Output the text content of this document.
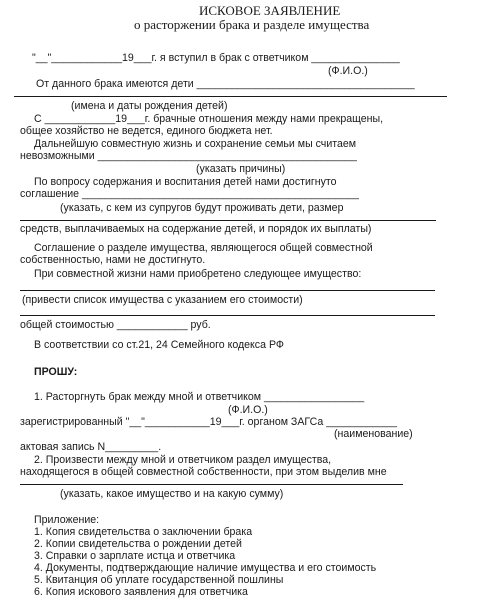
ИСКОВОЕ ЗАЯВЛЕНИЕ
о расторжении брака и разделе имущества
"__"____________19___г. я вступил в брак с ответчиком _______________
(Ф.И.О.)
От данного брака имеются дети _____________________________________
(имена и даты рождения детей)
С ____________19___г. брачные отношения между нами прекращены,
общее хозяйство не ведется, единого бюджета нет.
Дальнейшую совместную жизнь и сохранение семьи мы считаем
невозможными ____________________________________________
(указать причины)
По вопросу содержания и воспитания детей нами достигнуто
соглашение _______________________________________________
(указать, с кем из супругов будут проживать дети, размер
средств, выплачиваемых на содержание детей, и порядок их выплаты)
Соглашение о разделе имущества, являющегося общей совместной
собственностью, нами не достигнуто.
При совместной жизни нами приобретено следующее имущество:
(привести список имущества с указанием его стоимости)
общей стоимостью ____________ руб.
В соответствии со ст.21, 24 Семейного кодекса РФ
ПРОШУ:
1. Расторгнуть брак между мной и ответчиком _________________
(Ф.И.О.)
зарегистрированный "__"___________19___г. органом ЗАГСа ____________
(наименование)
актовая запись N_________.
2. Произвести между мной и ответчиком раздел имущества,
находящегося в общей совместной собственности, при этом выделив мне
(указать, какое имущество и на какую сумму)
Приложение:
1. Копия свидетельства о заключении брака
2. Копии свидетельства о рождении детей
3. Справки о зарплате истца и ответчика
4. Документы, подтверждающие наличие имущества и его стоимость
5. Квитанция об уплате государственной пошлины
6. Копия искового заявления для ответчика
